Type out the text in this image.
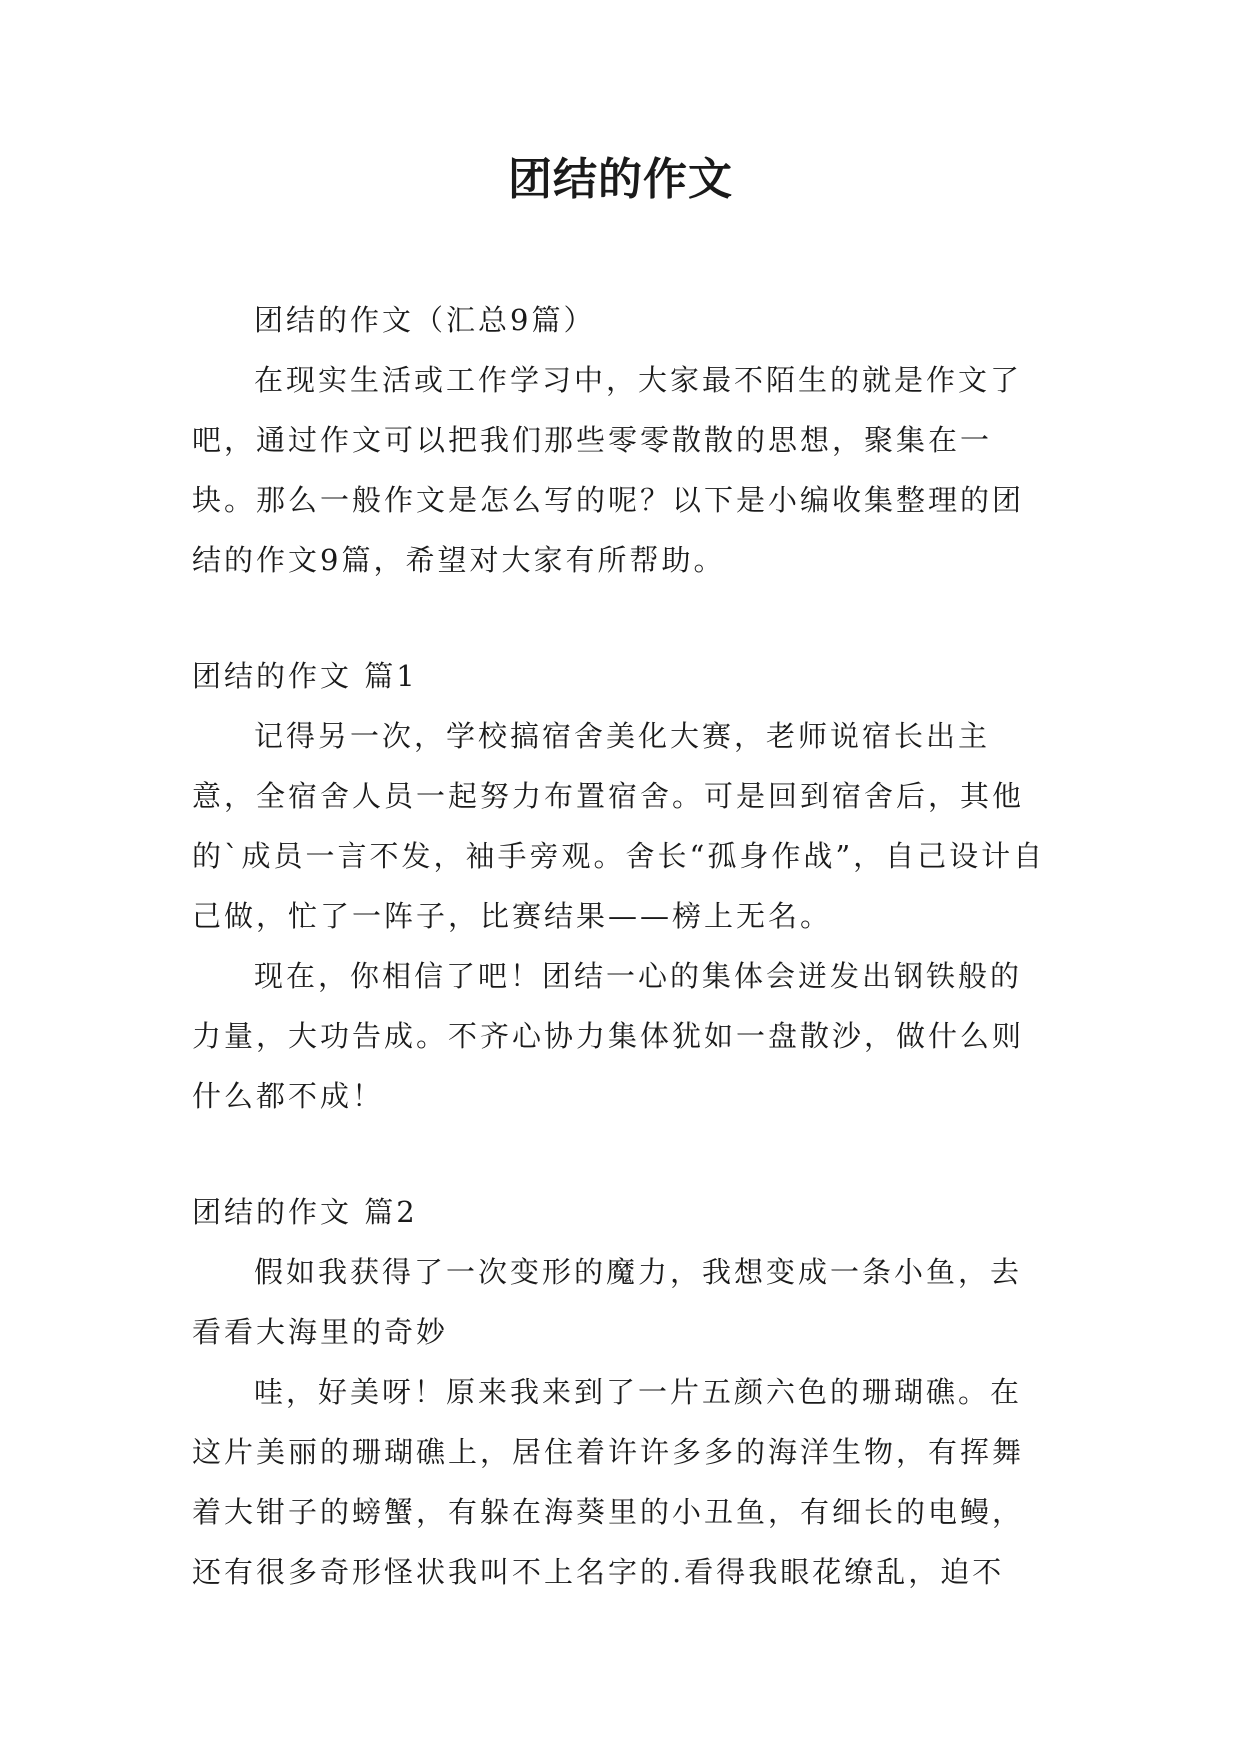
团结的作文

团结的作文（汇总9篇）

在现实生活或工作学习中，大家最不陌生的就是作文了吧，通过作文可以把我们那些零零散散的思想，聚集在一块。那么一般作文是怎么写的呢？以下是小编收集整理的团结的作文9篇，希望对大家有所帮助。

团结的作文 篇1

记得另一次，学校搞宿舍美化大赛，老师说宿长出主意，全宿舍人员一起努力布置宿舍。可是回到宿舍后，其他的`成员一言不发，袖手旁观。舍长“孤身作战”，自己设计自己做，忙了一阵子，比赛结果——榜上无名。

现在，你相信了吧！团结一心的集体会迸发出钢铁般的力量，大功告成。不齐心协力集体犹如一盘散沙，做什么则什么都不成！

团结的作文 篇2

假如我获得了一次变形的魔力，我想变成一条小鱼，去看看大海里的奇妙

哇，好美呀！原来我来到了一片五颜六色的珊瑚礁。在这片美丽的珊瑚礁上，居住着许许多多的海洋生物，有挥舞着大钳子的螃蟹，有躲在海葵里的小丑鱼，有细长的电鳗，还有很多奇形怪状我叫不上名字的.看得我眼花缭乱，迫不
